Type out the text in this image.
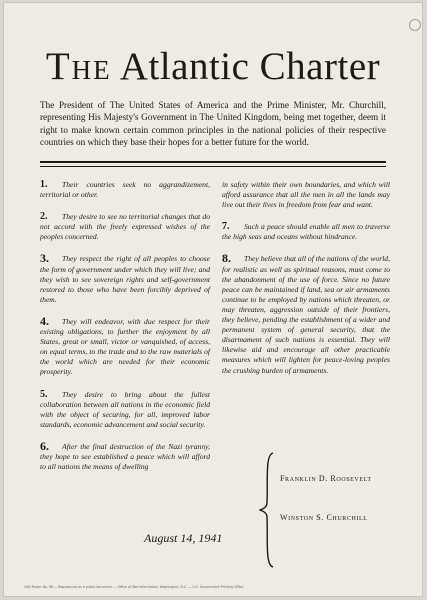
The Atlantic Charter
The President of The United States of America and the Prime Minister, Mr. Churchill, representing His Majesty's Government in The United Kingdom, being met together, deem it right to make known certain common principles in the national policies of their respective countries on which they base their hopes for a better future for the world.
1.	Their countries seek no aggrandizement, territorial or other.
2.	They desire to see no territorial changes that do not accord with the freely expressed wishes of the peoples concerned.
3.	They respect the right of all peoples to choose the form of government under which they will live; and they wish to see sovereign rights and self-government restored to those who have been forcibly deprived of them.
4.	They will endeavor, with due respect for their existing obligations, to further the enjoyment by all States, great or small, victor or vanquished, of access, on equal terms, to the trade and to the raw materials of the world which are needed for their economic prosperity.
5.	They desire to bring about the fullest collaboration between all nations in the economic field with the object of securing, for all, improved labor standards, economic advancement and social security.
6.	After the final destruction of the Nazi tyranny, they hope to see established a peace which will afford to all nations the means of dwelling
in safety within their own boundaries, and which will afford assurance that all the men in all the lands may live out their lives in freedom from fear and want.
7.	Such a peace should enable all men to traverse the high seas and oceans without hindrance.
8.	They believe that all of the nations of the world, for realistic as well as spiritual reasons, must come to the abandonment of the use of force. Since no future peace can be maintained if land, sea or air armaments continue to be employed by nations which threaten, or may threaten, aggression outside of their frontiers, they believe, pending the establishment of a wider and permanent system of general security, that the disarmament of such nations is essential. They will likewise aid and encourage all other practicable measures which will lighten for peace-loving peoples the crushing burden of armaments.
Franklin D. Roosevelt
Winston S. Churchill
August 14, 1941
OWI Poster No. 96 — Reproduced as a public document — Office of War Information, Washington, D.C. — U.S. Government Printing Office
